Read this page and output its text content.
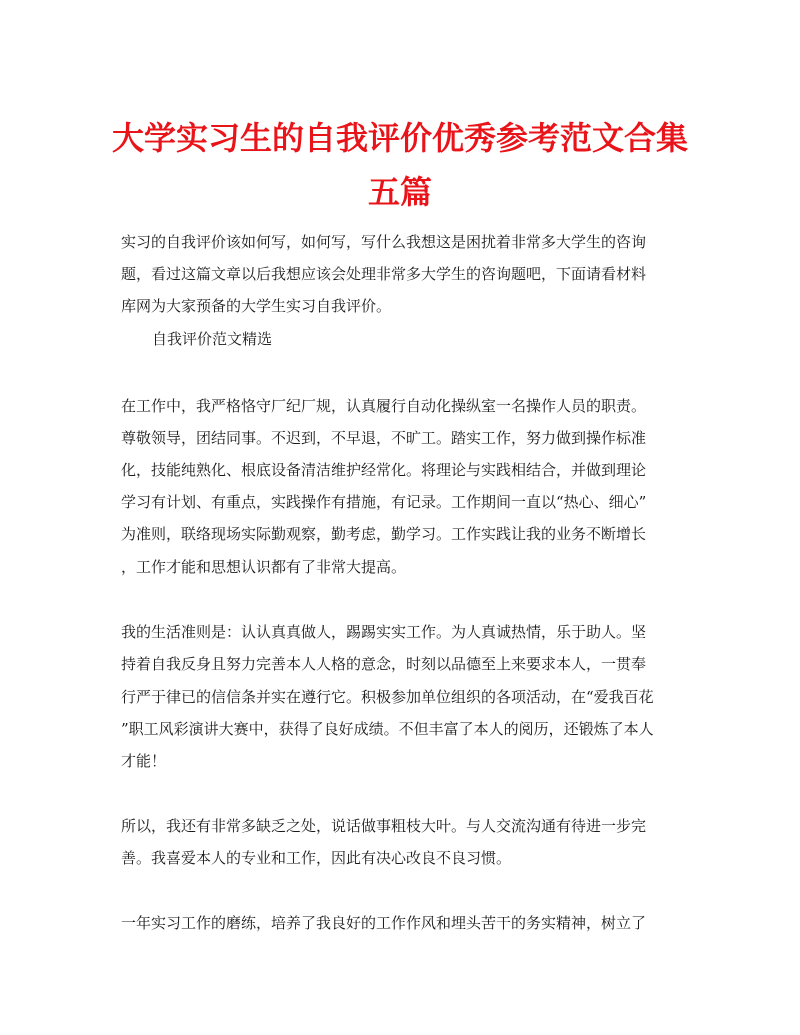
大学实习生的自我评价优秀参考范文合集
五篇

实习的自我评价该如何写，如何写，写什么我想这是困扰着非常多大学生的咨询

题，看过这篇文章以后我想应该会处理非常多大学生的咨询题吧，下面请看材料

库网为大家预备的大学生实习自我评价。

自我评价范文精选

在工作中，我严格恪守厂纪厂规，认真履行自动化操纵室一名操作人员的职责。

尊敬领导，团结同事。不迟到，不早退，不旷工。踏实工作，努力做到操作标准

化，技能纯熟化、根底设备清洁维护经常化。将理论与实践相结合，并做到理论

学习有计划、有重点，实践操作有措施，有记录。工作期间一直以“热心、细心”

为准则，联络现场实际勤观察，勤考虑，勤学习。工作实践让我的业务不断增长

，工作才能和思想认识都有了非常大提高。

我的生活准则是：认认真真做人，踢踢实实工作。为人真诚热情，乐于助人。坚

持着自我反身且努力完善本人人格的意念，时刻以品德至上来要求本人，一贯奉

行严于律已的信信条并实在遵行它。积极参加单位组织的各项活动，在“爱我百花

”职工风彩演讲大赛中，获得了良好成绩。不但丰富了本人的阅历，还锻炼了本人

才能！

所以，我还有非常多缺乏之处，说话做事粗枝大叶。与人交流沟通有待进一步完

善。我喜爱本人的专业和工作，因此有决心改良不良习惯。

一年实习工作的磨练，培养了我良好的工作作风和埋头苦干的务实精神，树立了
